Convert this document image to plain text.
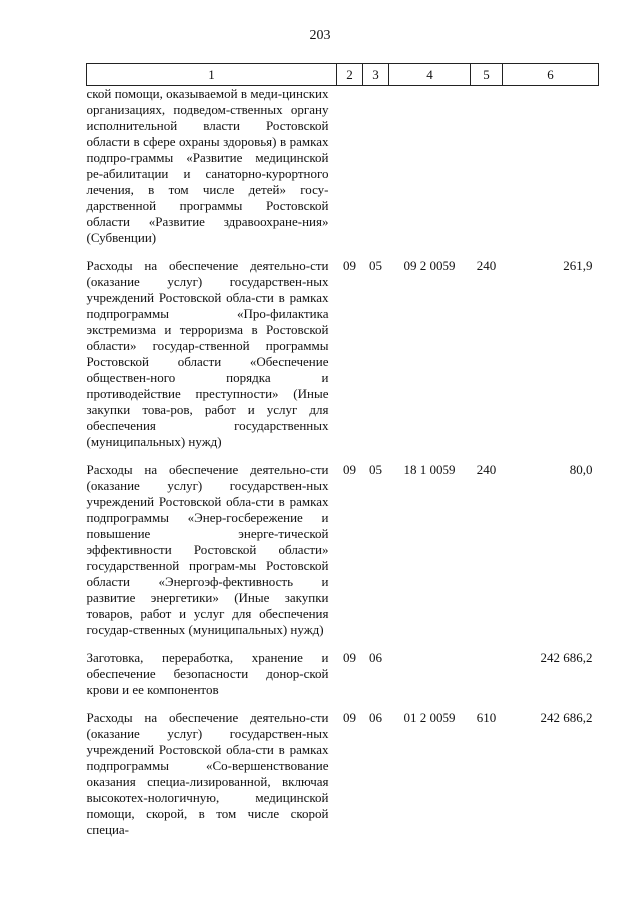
203
1	2	3	4	5	6
ской помощи, оказываемой в меди-цинских организациях, подведом-ственных органу исполнительной власти Ростовской области в сфере охраны здоровья) в рамках подпро-граммы «Развитие медицинской ре-абилитации и санаторно-курортного лечения, в том числе детей» госу-дарственной программы Ростовской области «Развитие здравоохране-ния» (Субвенции)					
Расходы на обеспечение деятельно-сти (оказание услуг) государствен-ных учреждений Ростовской обла-сти в рамках подпрограммы «Про-филактика экстремизма и терроризма в Ростовской области» государ-ственной программы Ростовской области «Обеспечение обществен-ного порядка и противодействие преступности» (Иные закупки това-ров, работ и услуг для обеспечения государственных (муниципальных) нужд)	09	05	09 2 0059	240	261,9
Расходы на обеспечение деятельно-сти (оказание услуг) государствен-ных учреждений Ростовской обла-сти в рамках подпрограммы «Энер-госбережение и повышение энерге-тической эффективности Ростовской области» государственной програм-мы Ростовской области «Энергоэф-фективность и развитие энергетики» (Иные закупки товаров, работ и услуг для обеспечения государ-ственных (муниципальных) нужд)	09	05	18 1 0059	240	80,0
Заготовка, переработка, хранение и обеспечение безопасности донор-ской крови и ее компонентов	09	06			242 686,2
Расходы на обеспечение деятельно-сти (оказание услуг) государствен-ных учреждений Ростовской обла-сти в рамках подпрограммы «Со-вершенствование оказания специа-лизированной, включая высокотех-нологичную, медицинской помощи, скорой, в том числе скорой специа-	09	06	01 2 0059	610	242 686,2
